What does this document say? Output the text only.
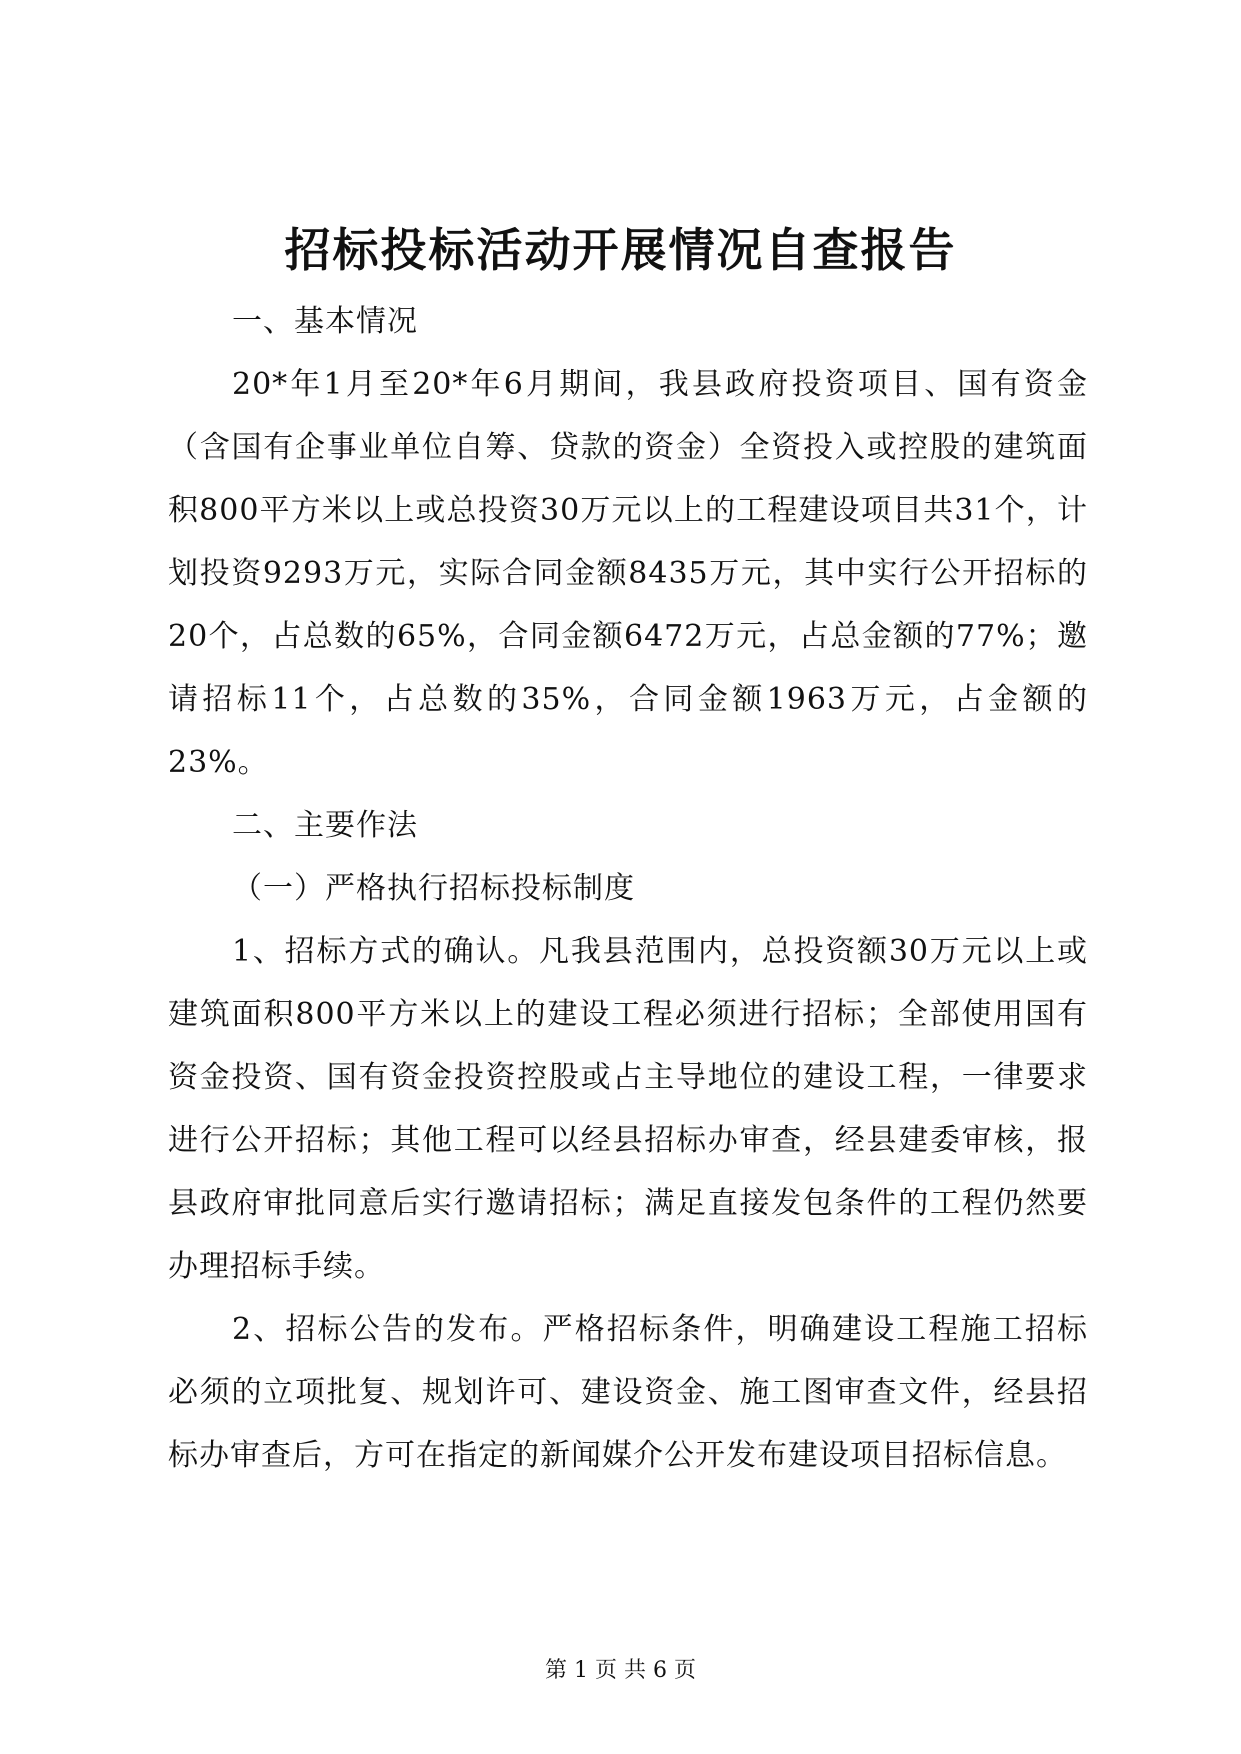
招标投标活动开展情况自查报告

一、基本情况

20*年1月至20*年6月期间，我县政府投资项目、国有资金（含国有企事业单位自筹、贷款的资金）全资投入或控股的建筑面积800平方米以上或总投资30万元以上的工程建设项目共31个，计划投资9293万元，实际合同金额8435万元，其中实行公开招标的20个，占总数的65%，合同金额6472万元，占总金额的77%；邀请招标11个，占总数的35%，合同金额1963万元，占金额的23%。

二、主要作法

（一）严格执行招标投标制度

1、招标方式的确认。凡我县范围内，总投资额30万元以上或建筑面积800平方米以上的建设工程必须进行招标；全部使用国有资金投资、国有资金投资控股或占主导地位的建设工程，一律要求进行公开招标；其他工程可以经县招标办审查，经县建委审核，报县政府审批同意后实行邀请招标；满足直接发包条件的工程仍然要办理招标手续。

2、招标公告的发布。严格招标条件，明确建设工程施工招标必须的立项批复、规划许可、建设资金、施工图审查文件，经县招标办审查后，方可在指定的新闻媒介公开发布建设项目招标信息。

第 1 页 共 6 页
